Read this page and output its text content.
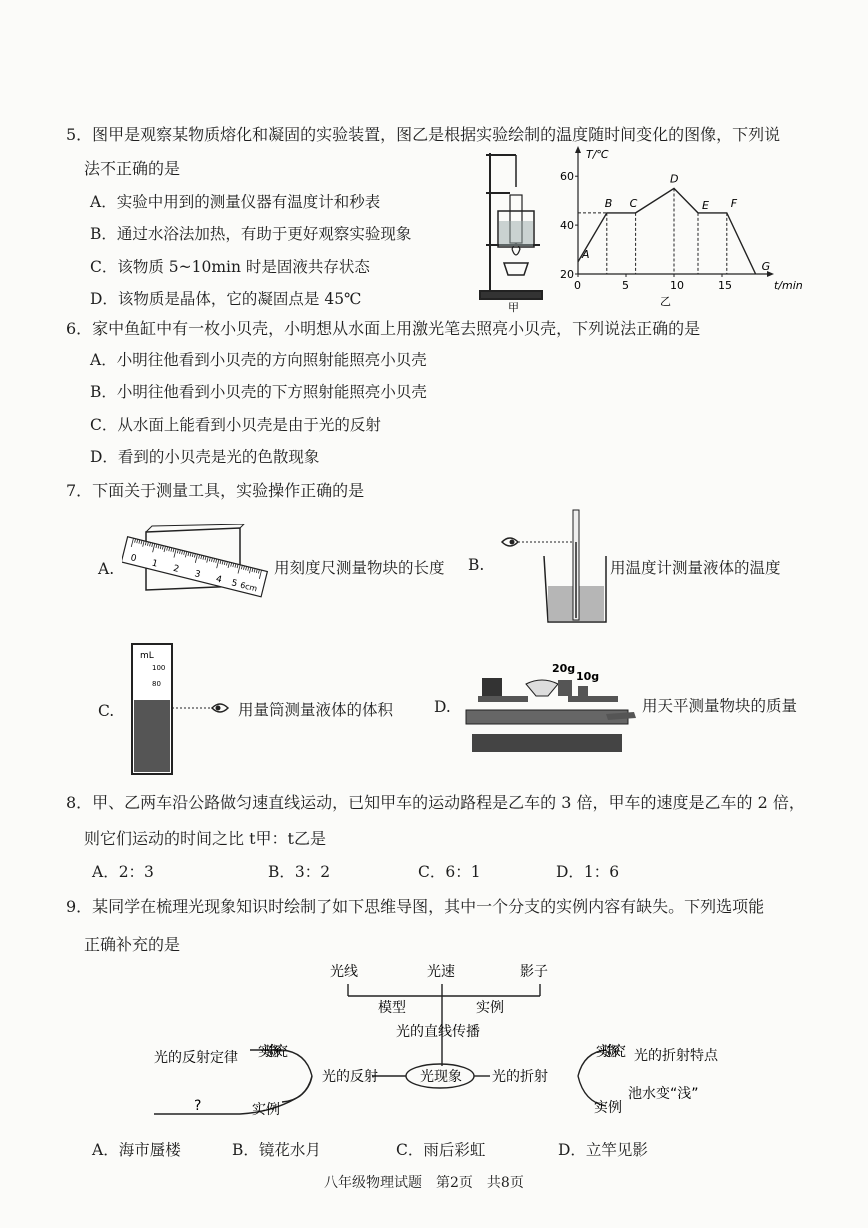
5．图甲是观察某物质熔化和凝固的实验装置，图乙是根据实验绘制的温度随时间变化的图像，下列说
法不正确的是
A．实验中用到的测量仪器有温度计和秒表
B．通过水浴法加热，有助于更好观察实验现象
C．该物质 5~10min 时是固液共存状态
D．该物质是晶体，它的凝固点是 45℃	甲
T/℃
t/min
乙
20
40
60
0	5	10	15
A
B C
D
E F
G
6．家中鱼缸中有一枚小贝壳，小明想从水面上用激光笔去照亮小贝壳，下列说法正确的是
A．小明往他看到小贝壳的方向照射能照亮小贝壳
B．小明往他看到小贝壳的下方照射能照亮小贝壳
C．从水面上能看到小贝壳是由于光的反射
D．看到的小贝壳是光的色散现象
7．下面关于测量工具，实验操作正确的是
A.
0 1 2 3 4 5 6cm
用刻度尺测量物块的长度 B.	用温度计测量液体的温度
C.
mL
100
80
用量筒测量液体的体积	D.
20g
10g
用天平测量物块的质量
8．甲、乙两车沿公路做匀速直线运动，已知甲车的运动路程是乙车的 3 倍，甲车的速度是乙车的 2 倍，
则它们运动的时间之比 t甲：t乙是
A．2：3	B．3：2	C．6：1	D．1：6
9．某同学在梳理光现象知识时绘制了如下思维导图，其中一个分支的实例内容有缺失。下列选项能
正确补充的是
光线	光速	影子
模型	实例
光的直线传播
光现象
光的反射	光的折射
实验探究
光的反射定律
?	实例
实验探究 光的折射特点
实例
池水变“浅”
A．海市蜃楼	B．镜花水月	C．雨后彩虹	D．立竿见影
八年级物理试题　第2页　共8页
